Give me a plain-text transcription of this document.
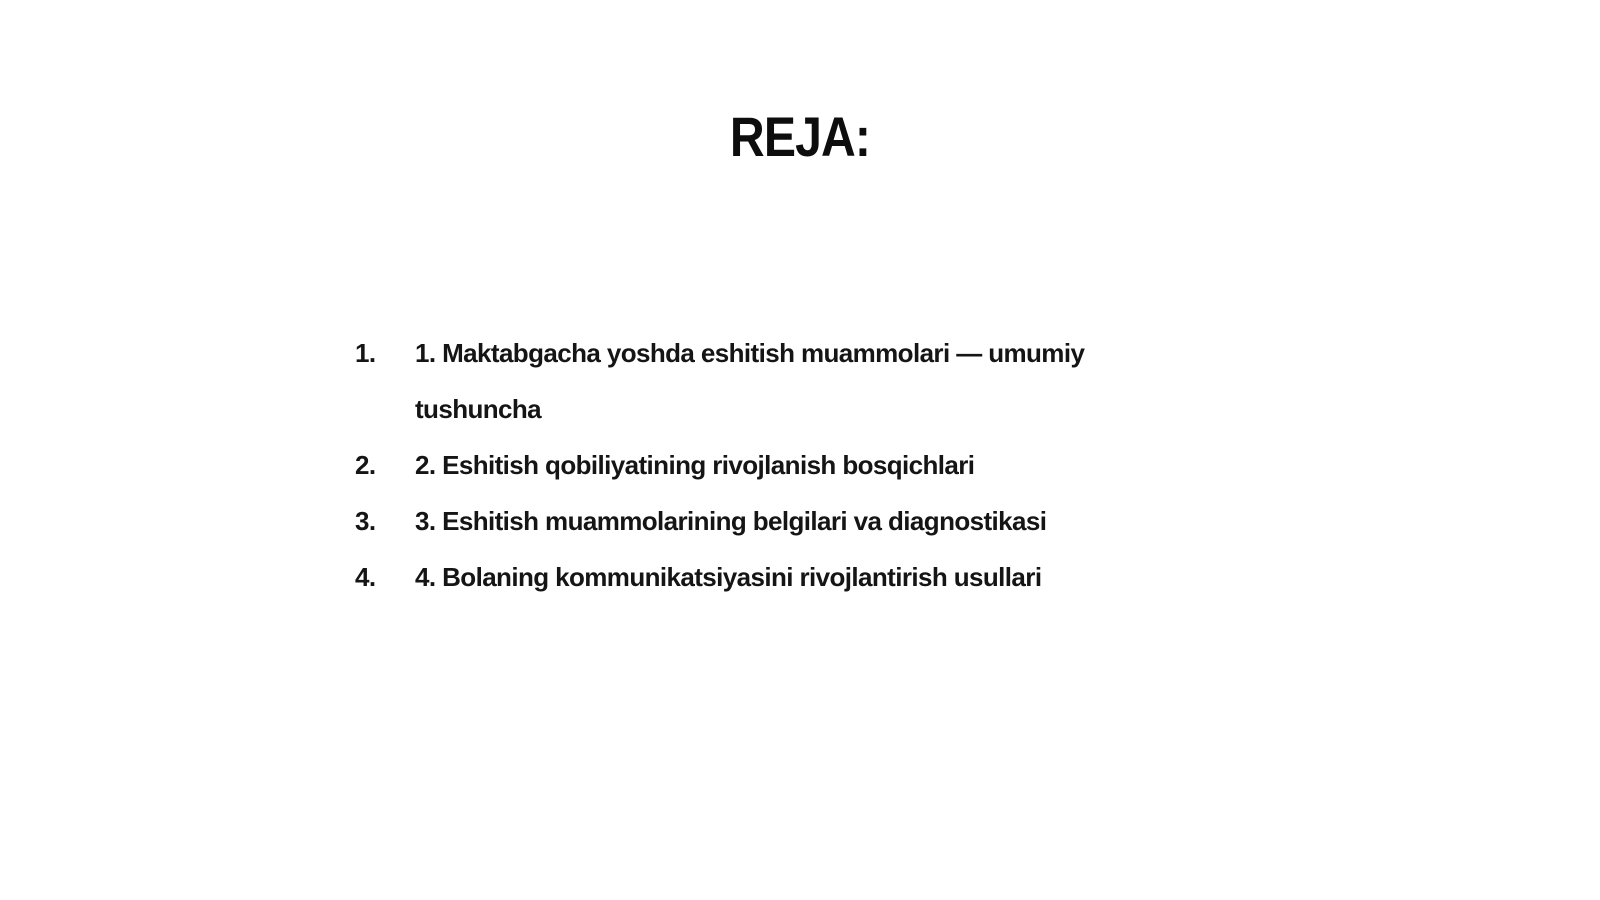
REJA:
1.	1. Maktabgacha yoshda eshitish muammolari — umumiy tushuncha
2.	2. Eshitish qobiliyatining rivojlanish bosqichlari
3.	3. Eshitish muammolarining belgilari va diagnostikasi
4.	4. Bolaning kommunikatsiyasini rivojlantirish usullari
